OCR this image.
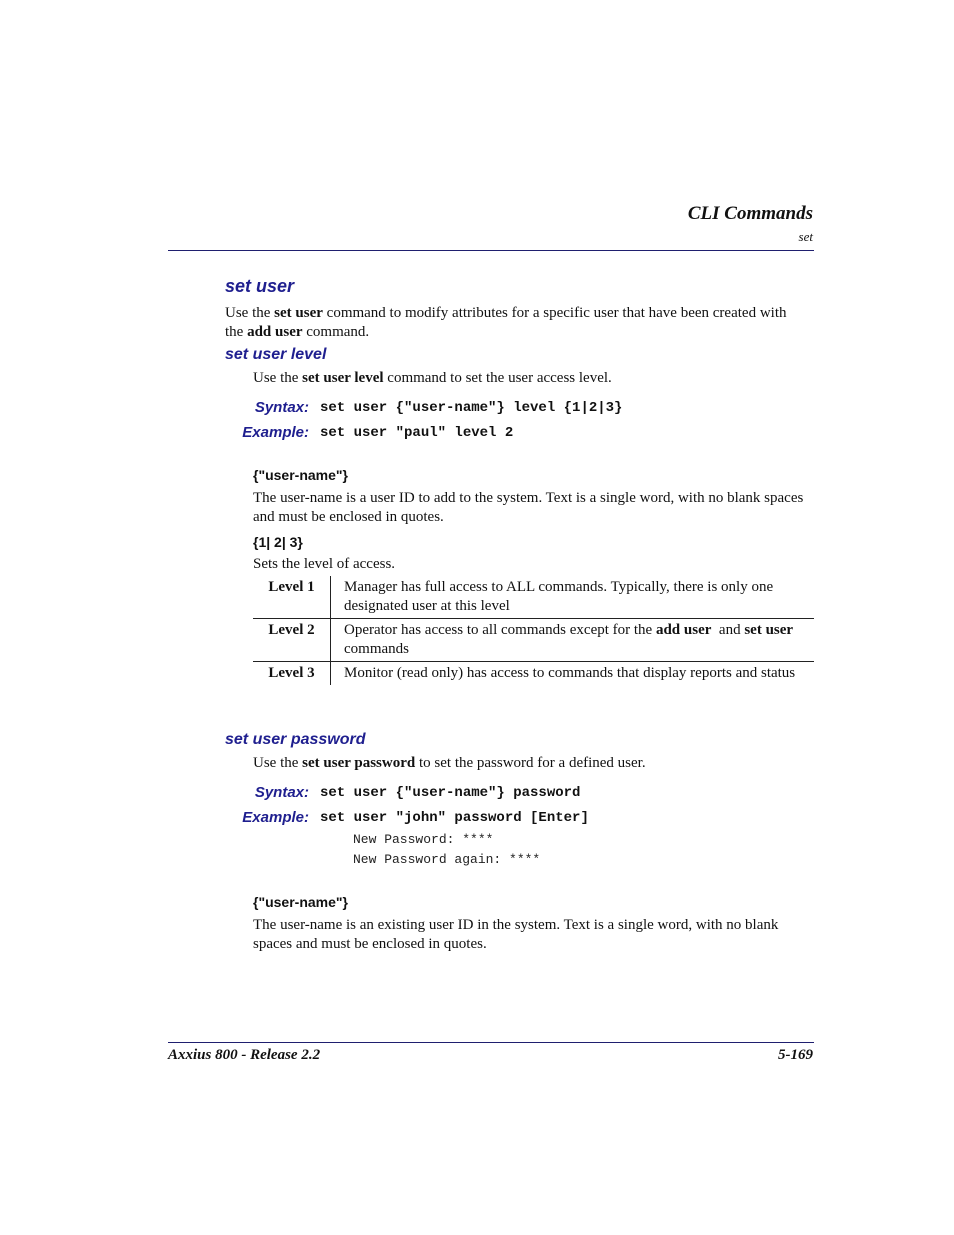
CLI Commands
set
set user
Use the set user command to modify attributes for a specific user that have been created with
the add user command.
set user level
Use the set user level command to set the user access level.
Syntax: set user {"user-name"} level {1|2|3}
Example: set user "paul" level 2
{"user-name"}
The user-name is a user ID to add to the system. Text is a single word, with no blank spaces
and must be enclosed in quotes.
{1| 2| 3}
Sets the level of access.
Level 1	Manager has full access to ALL commands. Typically, there is only one
designated user at this level
Level 2	Operator has access to all commands except for the add user  and set user
commands
Level 3	Monitor (read only) has access to commands that display reports and status
set user password
Use the set user password to set the password for a defined user.
Syntax: set user {"user-name"} password
Example: set user "john" password [Enter]
New Password: ****
New Password again: ****
{"user-name"}
The user-name is an existing user ID in the system. Text is a single word, with no blank
spaces and must be enclosed in quotes.
Axxius 800 - Release 2.2	5-169
